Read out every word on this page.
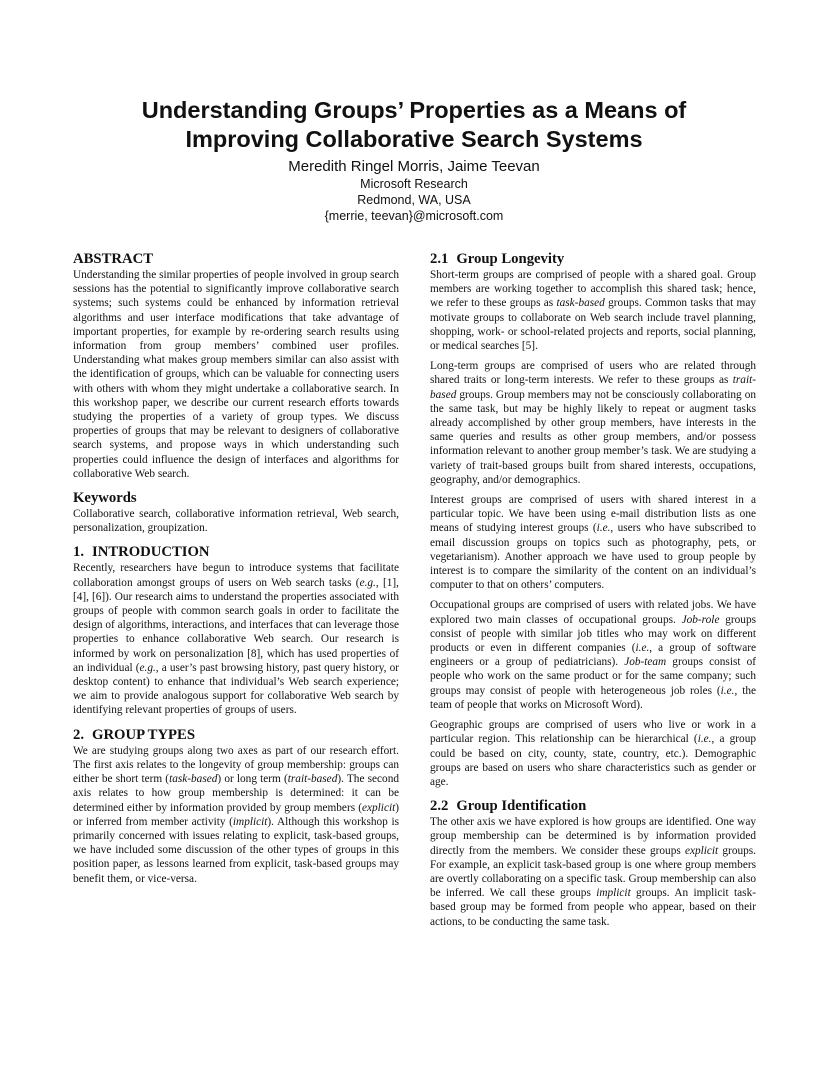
Understanding Groups’ Properties as a Means of
Improving Collaborative Search Systems
Meredith Ringel Morris, Jaime Teevan
Microsoft Research
Redmond, WA, USA
{merrie, teevan}@microsoft.com
ABSTRACT

Understanding the similar properties of people involved in group search sessions has the potential to significantly improve collaborative search systems; such systems could be enhanced by information retrieval algorithms and user interface modifications that take advantage of important properties, for example by re-ordering search results using information from group members’ combined user profiles. Understanding what makes group members similar can also assist with the identification of groups, which can be valuable for connecting users with others with whom they might undertake a collaborative search. In this workshop paper, we describe our current research efforts towards studying the properties of a variety of group types. We discuss properties of groups that may be relevant to designers of collaborative search systems, and propose ways in which understanding such properties could influence the design of interfaces and algorithms for collaborative Web search.

Keywords

Collaborative search, collaborative information retrieval, Web search, personalization, groupization.

1. INTRODUCTION

Recently, researchers have begun to introduce systems that facilitate collaboration amongst groups of users on Web search tasks (e.g., [1], [4], [6]). Our research aims to understand the properties associated with groups of people with common search goals in order to facilitate the design of algorithms, interactions, and interfaces that can leverage those properties to enhance collaborative Web search. Our research is informed by work on personalization [8], which has used properties of an individual (e.g., a user’s past browsing history, past query history, or desktop content) to enhance that individual’s Web search experience; we aim to provide analogous support for collaborative Web search by identifying relevant properties of groups of users.

2. GROUP TYPES

We are studying groups along two axes as part of our research effort. The first axis relates to the longevity of group membership: groups can either be short term (task-based) or long term (trait-based). The second axis relates to how group membership is determined: it can be determined either by information provided by group members (explicit) or inferred from member activity (implicit). Although this workshop is primarily concerned with issues relating to explicit, task-based groups, we have included some discussion of the other types of groups in this position paper, as lessons learned from explicit, task-based groups may benefit them, or vice-versa.

2.1 Group Longevity

Short-term groups are comprised of people with a shared goal. Group members are working together to accomplish this shared task; hence, we refer to these groups as task-based groups. Common tasks that may motivate groups to collaborate on Web search include travel planning, shopping, work- or school-related projects and reports, social planning, or medical searches [5].

Long-term groups are comprised of users who are related through shared traits or long-term interests. We refer to these groups as trait-based groups. Group members may not be consciously collaborating on the same task, but may be highly likely to repeat or augment tasks already accomplished by other group members, have interests in the same queries and results as other group members, and/or possess information relevant to another group member’s task. We are studying a variety of trait-based groups built from shared interests, occupations, geography, and/or demographics.

Interest groups are comprised of users with shared interest in a particular topic. We have been using e-mail distribution lists as one means of studying interest groups (i.e., users who have subscribed to email discussion groups on topics such as photography, pets, or vegetarianism). Another approach we have used to group people by interest is to compare the similarity of the content on an individual’s computer to that on others’ computers.

Occupational groups are comprised of users with related jobs. We have explored two main classes of occupational groups. Job-role groups consist of people with similar job titles who may work on different products or even in different companies (i.e., a group of software engineers or a group of pediatricians). Job-team groups consist of people who work on the same product or for the same company; such groups may consist of people with heterogeneous job roles (i.e., the team of people that works on Microsoft Word).

Geographic groups are comprised of users who live or work in a particular region. This relationship can be hierarchical (i.e., a group could be based on city, county, state, country, etc.). Demographic groups are based on users who share characteristics such as gender or age.

2.2 Group Identification

The other axis we have explored is how groups are identified. One way group membership can be determined is by information provided directly from the members. We consider these groups explicit groups. For example, an explicit task-based group is one where group members are overtly collaborating on a specific task. Group membership can also be inferred. We call these groups implicit groups. An implicit task-based group may be formed from people who appear, based on their actions, to be conducting the same task.
